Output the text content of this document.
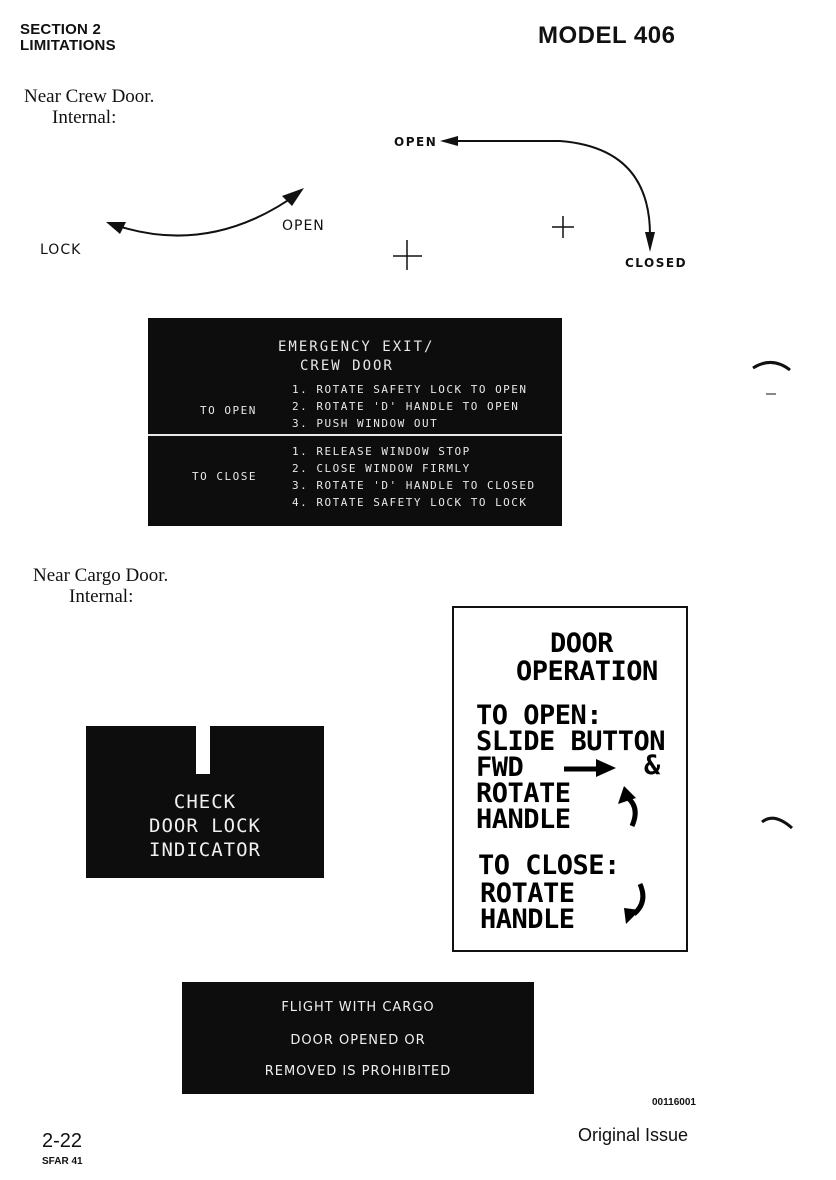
SECTION 2
LIMITATIONS	MODEL 406
Near Crew Door.
Internal:
LOCK
OPEN
OPEN
CLOSED
EMERGENCY EXIT/
CREW DOOR
TO OPEN
1. ROTATE SAFETY LOCK TO OPEN
2. ROTATE 'D' HANDLE TO OPEN
3. PUSH WINDOW OUT
TO CLOSE
1. RELEASE WINDOW STOP
2. CLOSE WINDOW FIRMLY
3. ROTATE 'D' HANDLE TO CLOSED
4. ROTATE SAFETY LOCK TO LOCK
Near Cargo Door.
Internal:
CHECK
DOOR LOCK
INDICATOR
DOOR
OPERATION
TO OPEN:
SLIDE BUTTON
FWD	&
ROTATE
HANDLE
TO CLOSE:
ROTATE
HANDLE
FLIGHT WITH CARGO
DOOR OPENED OR
REMOVED IS PROHIBITED
00116001
2-22
SFAR 41
Original Issue
